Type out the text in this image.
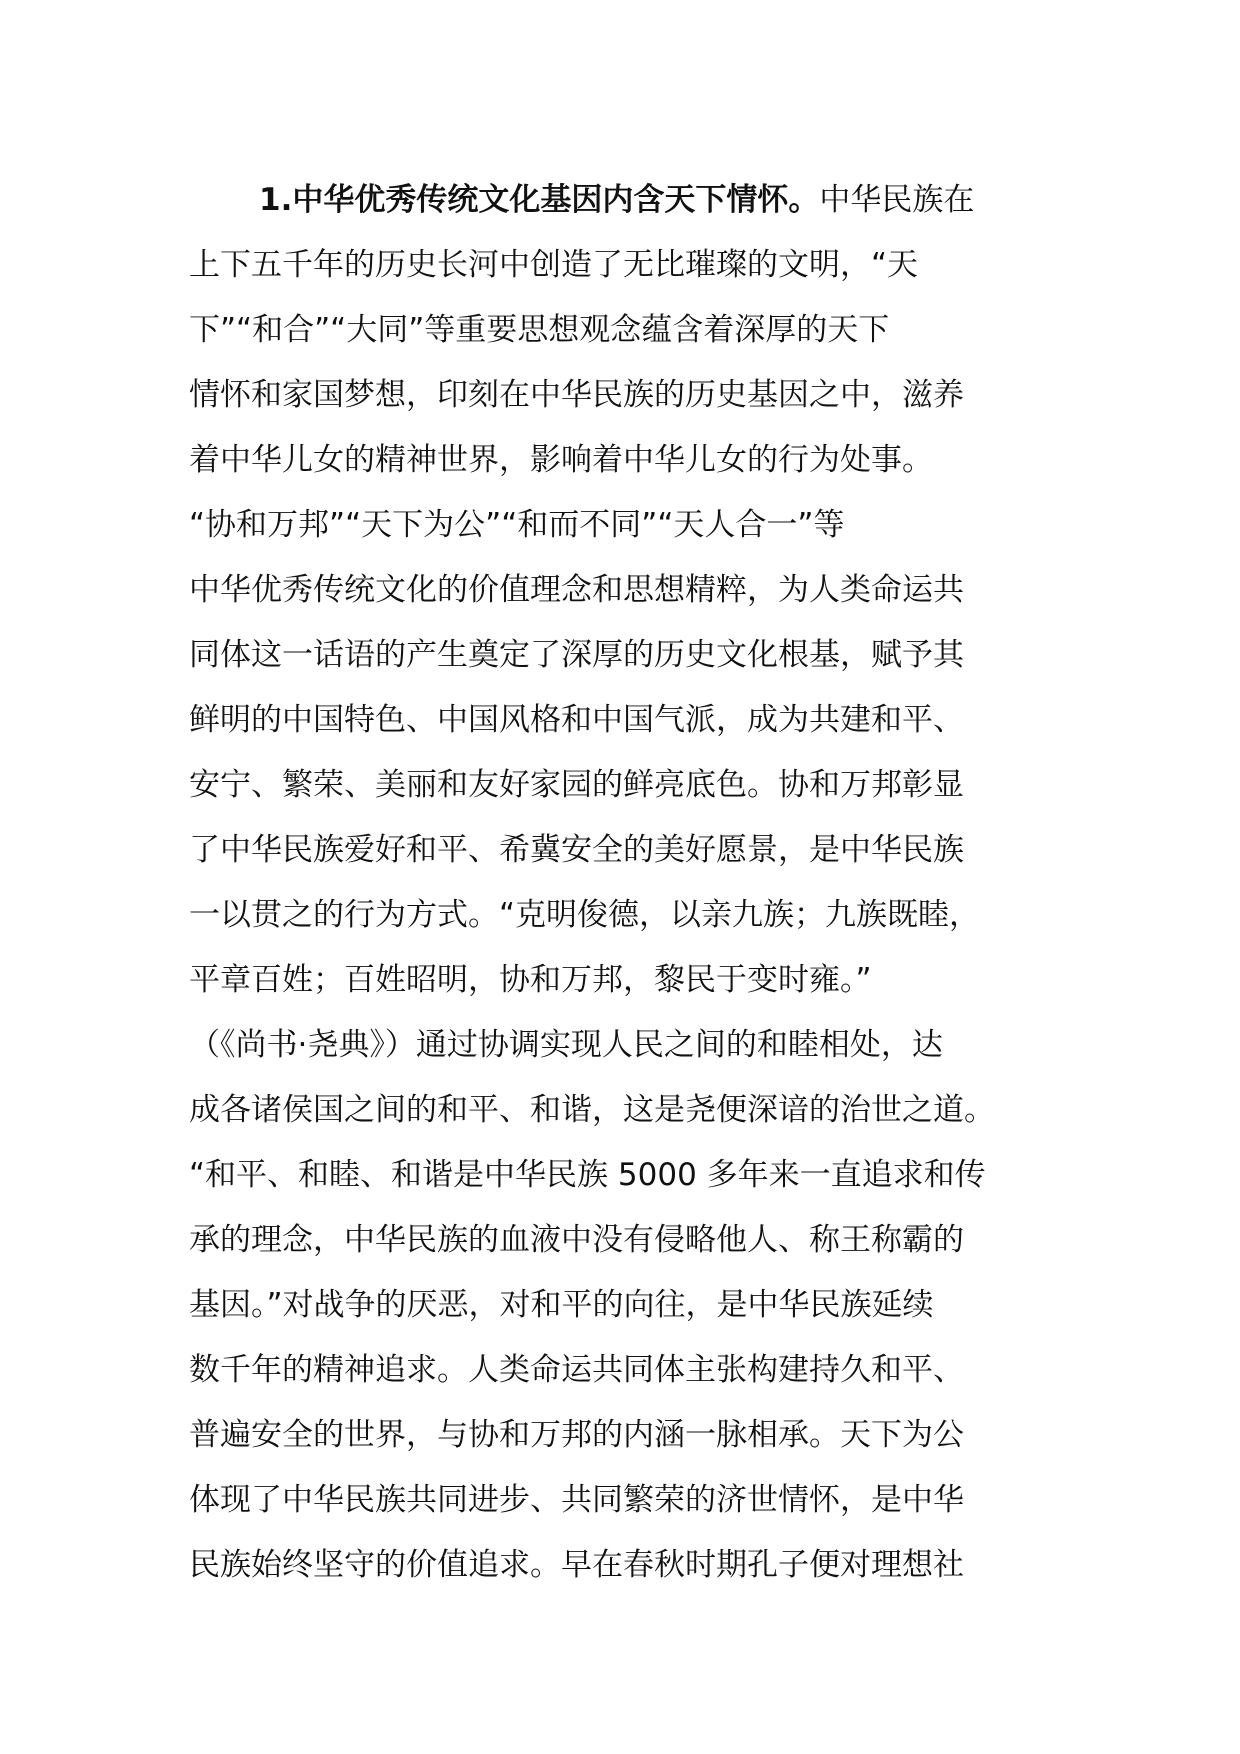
1.中华优秀传统文化基因内含天下情怀。中华民族在
上下五千年的历史长河中创造了无比璀璨的文明，“天
下”“和合”“大同”等重要思想观念蕴含着深厚的天下
情怀和家国梦想，印刻在中华民族的历史基因之中，滋养
着中华儿女的精神世界，影响着中华儿女的行为处事。
“协和万邦”“天下为公”“和而不同”“天人合一”等
中华优秀传统文化的价值理念和思想精粹，为人类命运共
同体这一话语的产生奠定了深厚的历史文化根基，赋予其
鲜明的中国特色、中国风格和中国气派，成为共建和平、
安宁、繁荣、美丽和友好家园的鲜亮底色。协和万邦彰显
了中华民族爱好和平、希冀安全的美好愿景，是中华民族
一以贯之的行为方式。“克明俊德，以亲九族；九族既睦，
平章百姓；百姓昭明，协和万邦，黎民于变时雍。”
（《尚书·尧典》）通过协调实现人民之间的和睦相处，达
成各诸侯国之间的和平、和谐，这是尧便深谙的治世之道。
“和平、和睦、和谐是中华民族 5000 多年来一直追求和传
承的理念，中华民族的血液中没有侵略他人、称王称霸的
基因。”对战争的厌恶，对和平的向往，是中华民族延续
数千年的精神追求。人类命运共同体主张构建持久和平、
普遍安全的世界，与协和万邦的内涵一脉相承。天下为公
体现了中华民族共同进步、共同繁荣的济世情怀，是中华
民族始终坚守的价值追求。早在春秋时期孔子便对理想社
